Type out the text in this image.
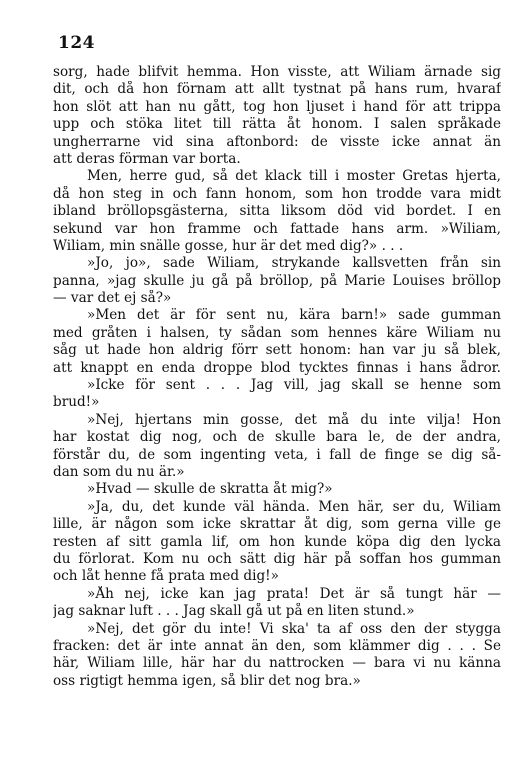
124
sorg, hade blifvit hemma. Hon visste, att Wiliam ärnade sig
dit, och då hon förnam att allt tystnat på hans rum, hvaraf
hon slöt att han nu gått, tog hon ljuset i hand för att trippa
upp och stöka litet till rätta åt honom. I salen språkade
ungherrarne vid sina aftonbord: de visste icke annat än
att deras förman var borta.
Men, herre gud, så det klack till i moster Gretas hjerta,
då hon steg in och fann honom, som hon trodde vara midt
ibland bröllopsgästerna, sitta liksom död vid bordet. I en
sekund var hon framme och fattade hans arm. »Wiliam,
Wiliam, min snälle gosse, hur är det med dig?» . . .
»Jo, jo», sade Wiliam, strykande kallsvetten från sin
panna, »jag skulle ju gå på bröllop, på Marie Louises bröllop
— var det ej så?»
»Men det är för sent nu, kära barn!» sade gumman
med gråten i halsen, ty sådan som hennes käre Wiliam nu
såg ut hade hon aldrig förr sett honom: han var ju så blek,
att knappt en enda droppe blod tycktes finnas i hans ådror.
»Icke för sent . . . Jag vill, jag skall se henne som
brud!»
»Nej, hjertans min gosse, det må du inte vilja! Hon
har kostat dig nog, och de skulle bara le, de der andra,
förstår du, de som ingenting veta, i fall de finge se dig så-
dan som du nu är.»
»Hvad — skulle de skratta åt mig?»
»Ja, du, det kunde väl hända. Men här, ser du, Wiliam
lille, är någon som icke skrattar åt dig, som gerna ville ge
resten af sitt gamla lif, om hon kunde köpa dig den lycka
du förlorat. Kom nu och sätt dig här på soffan hos gumman
och låt henne få prata med dig!»
»Åh nej, icke kan jag prata! Det är så tungt här —
jag saknar luft . . . Jag skall gå ut på en liten stund.»
»Nej, det gör du inte! Vi ska' ta af oss den der stygga
fracken: det är inte annat än den, som klämmer dig . . . Se
här, Wiliam lille, här har du nattrocken — bara vi nu känna
oss rigtigt hemma igen, så blir det nog bra.»
